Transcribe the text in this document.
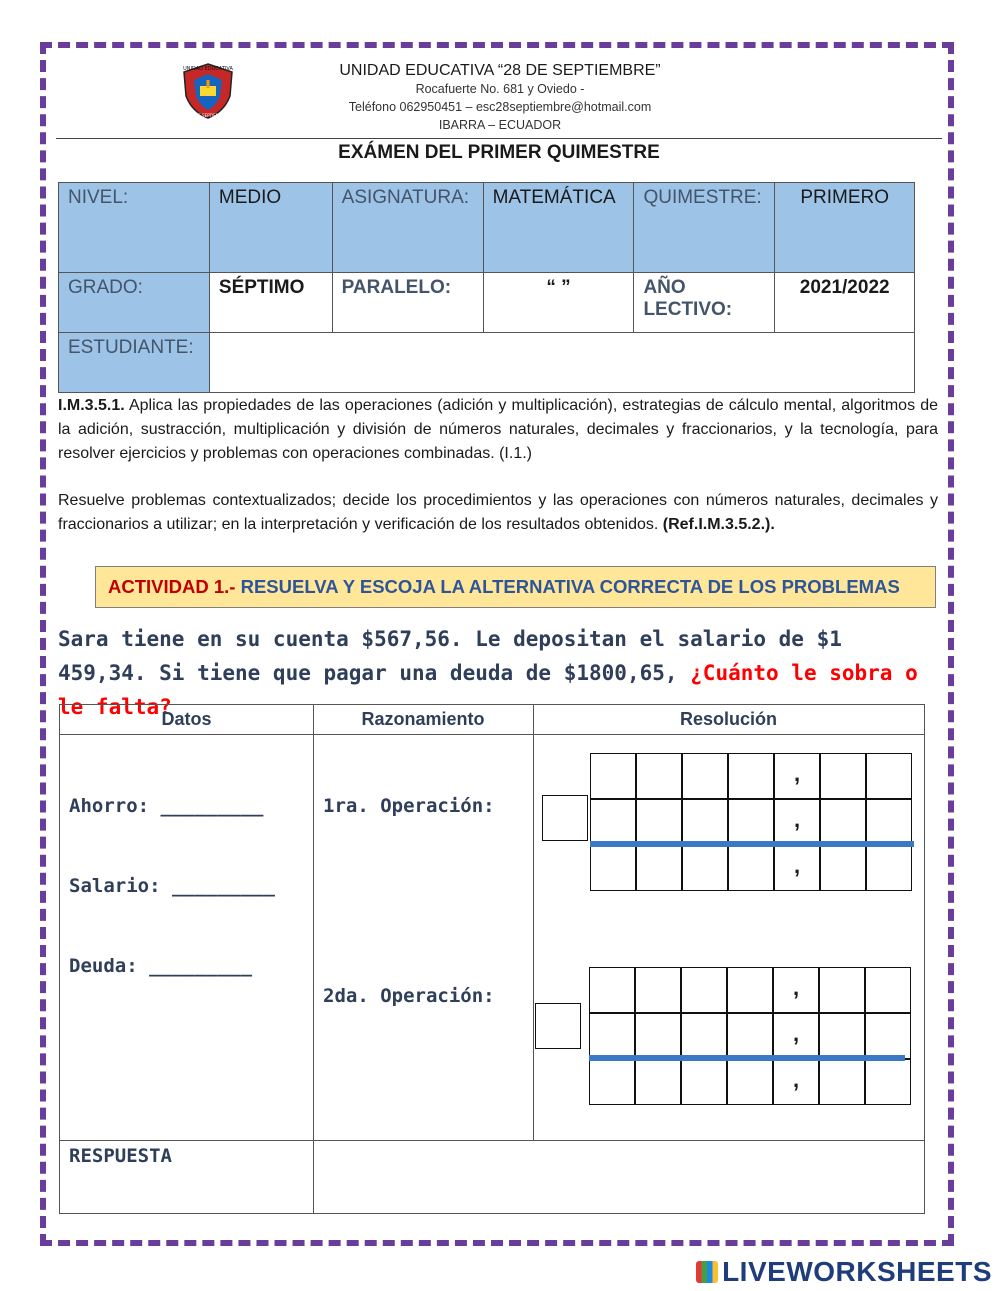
UNIDAD EDUCATIVA
28 DE SEPTIEMBRE
UNIDAD EDUCATIVA “28 DE SEPTIEMBRE”
Rocafuerte No. 681 y Oviedo -
Teléfono 062950451 – esc28septiembre@hotmail.com
IBARRA – ECUADOR
EXÁMEN DEL PRIMER QUIMESTRE
NIVEL:	MEDIO	ASIGNATURA:	MATEMÁTICA	QUIMESTRE:	PRIMERO
GRADO:	SÉPTIMO	PARALELO:	“ ”	AÑO LECTIVO:	2021/2022
ESTUDIANTE:					
I.M.3.5.1. Aplica las propiedades de las operaciones (adición y multiplicación), estrategias de cálculo mental, algoritmos de la adición, sustracción, multiplicación y división de números naturales, decimales y fraccionarios, y la tecnología, para resolver ejercicios y problemas con operaciones combinadas. (I.1.)
Resuelve problemas contextualizados; decide los procedimientos y las operaciones con números naturales, decimales y fraccionarios a utilizar; en la interpretación y verificación de los resultados obtenidos. (Ref.I.M.3.5.2.).
ACTIVIDAD 1.- RESUELVA Y ESCOJA LA ALTERNATIVA CORRECTA DE LOS PROBLEMAS
Sara tiene en su cuenta $567,56. Le depositan el salario de $1 459,34. Si tiene que pagar una deuda de $1800,65, ¿Cuánto le sobra o le falta?
Datos	Razonamiento	Resolución
Ahorro: _________
Salario: _________
Deuda: _________
1ra. Operación:
2da. Operación:
RESPUESTA
,
,
,
,
,
,
LIVEWORKSHEETS
